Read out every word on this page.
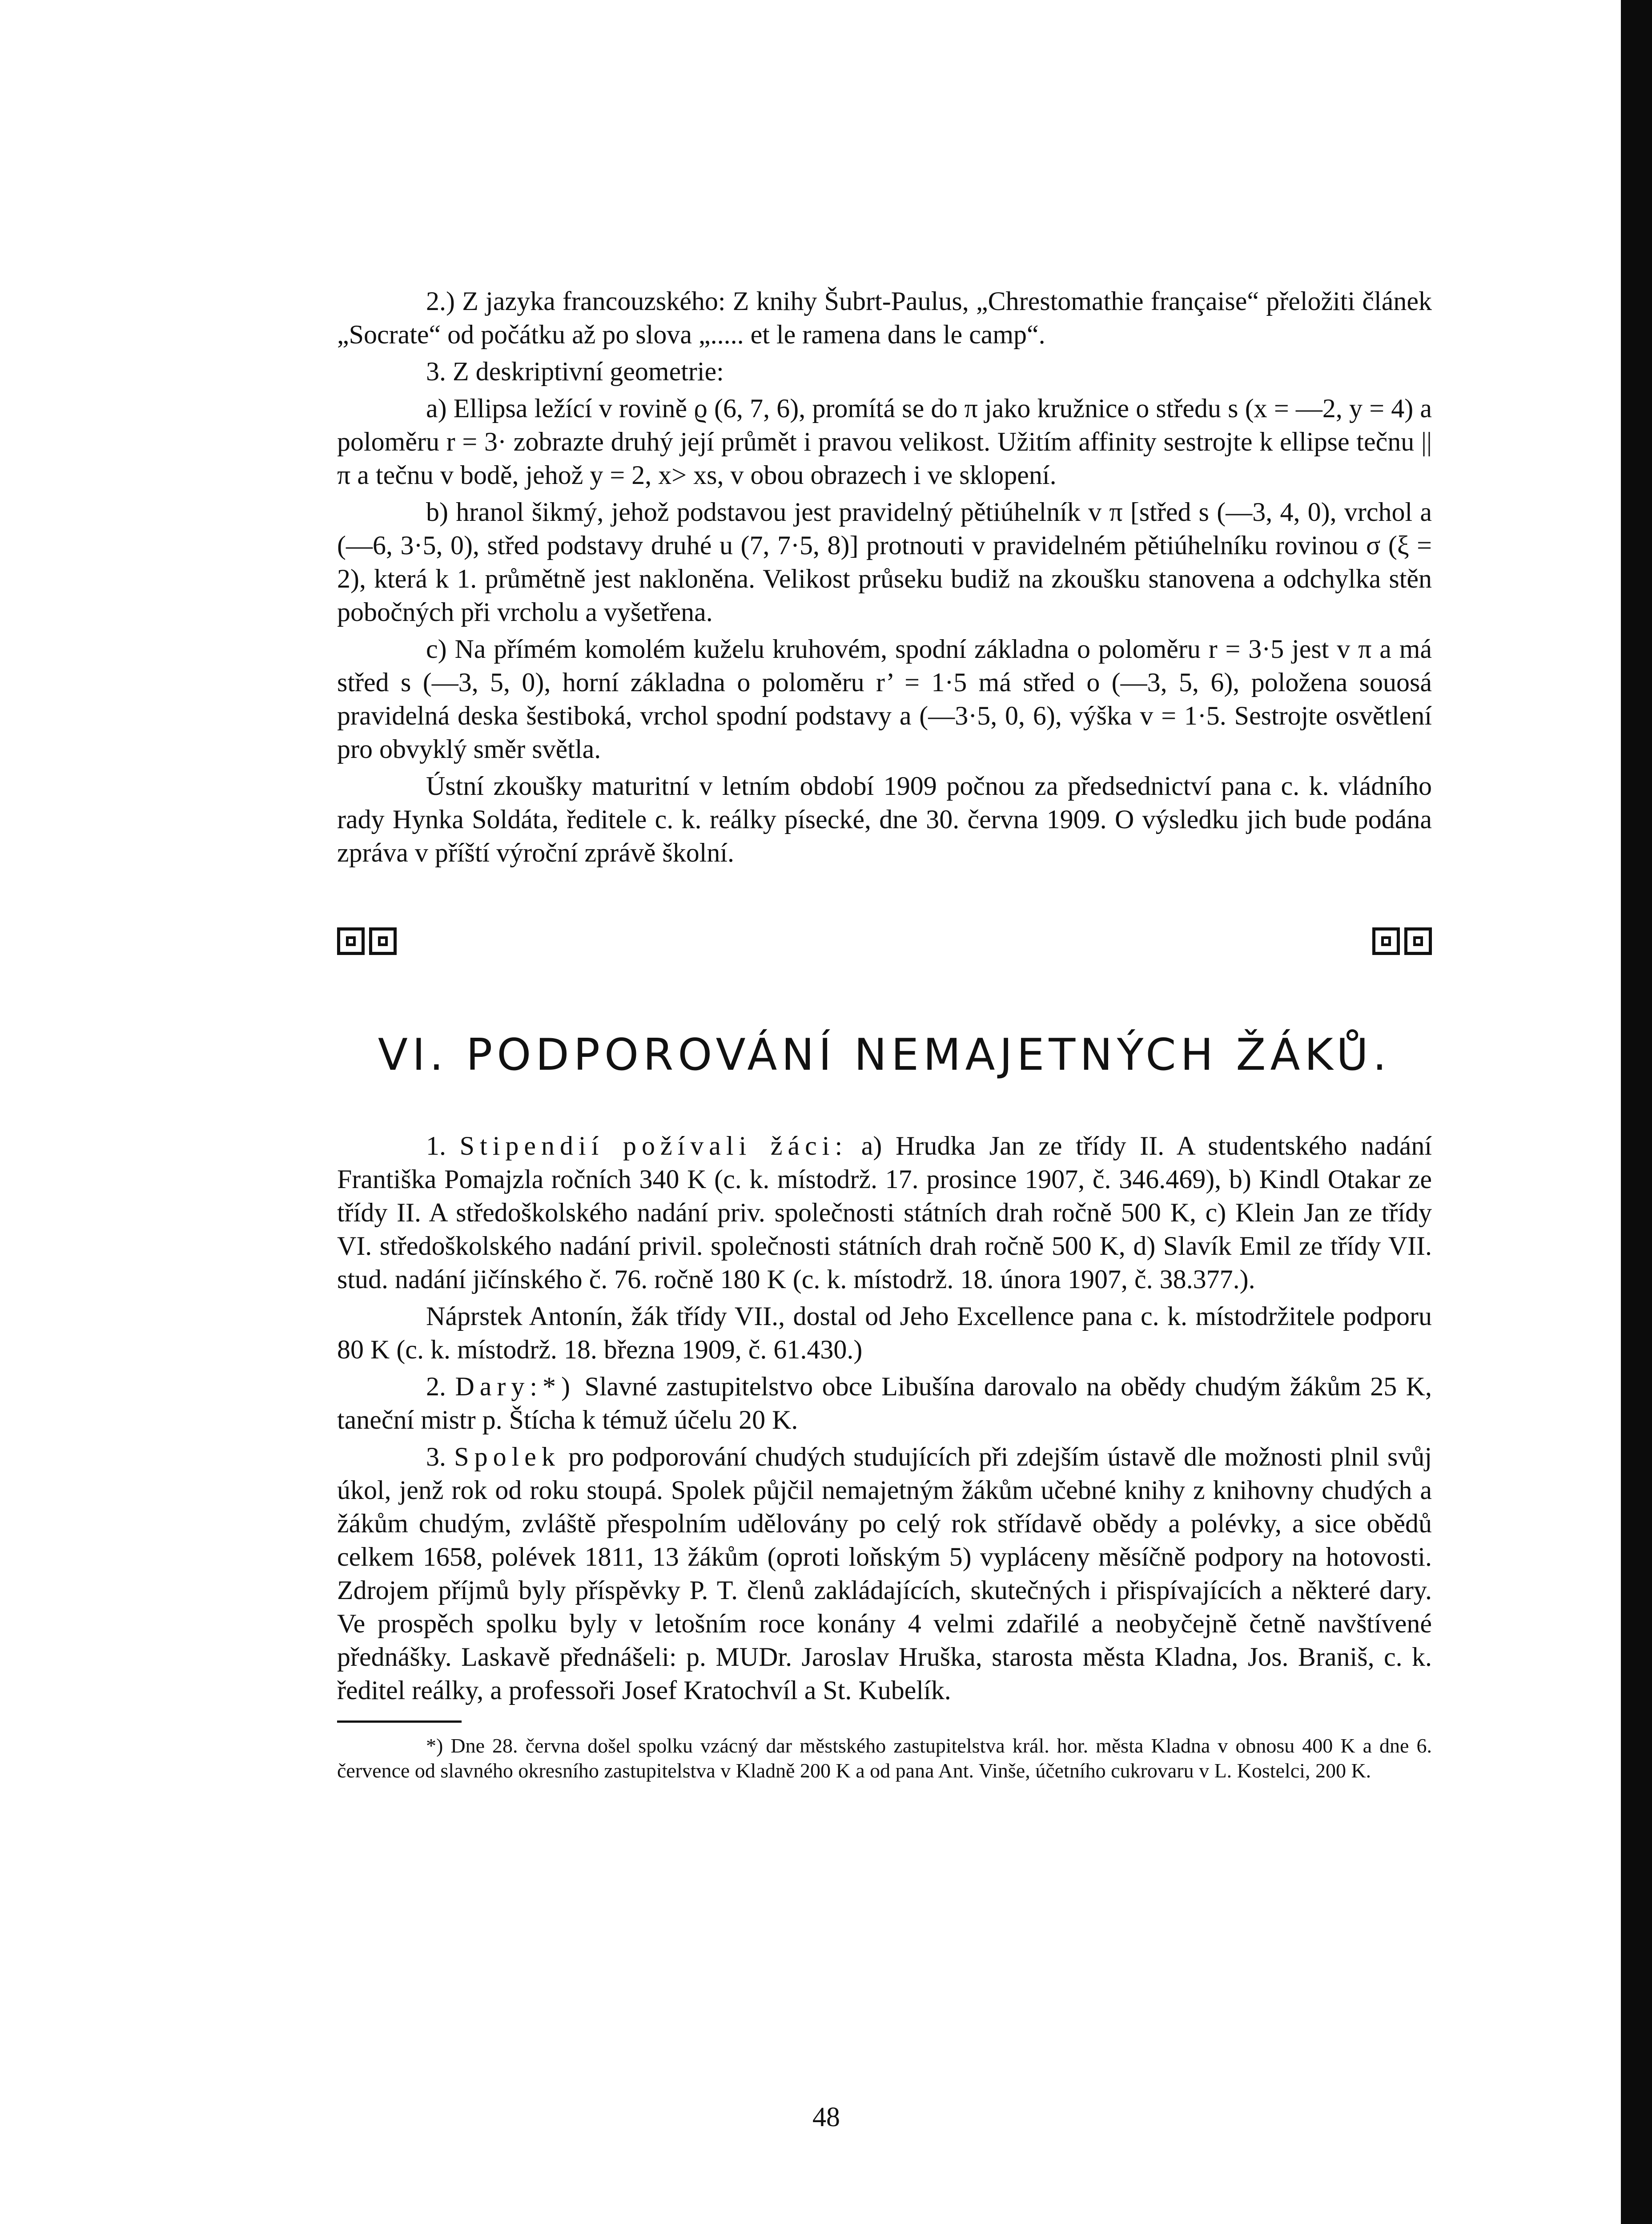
2.) Z jazyka francouzského: Z knihy Šubrt-Paulus, „Chrestomathie française“ přeložiti článek „Socrate“ od počátku až po slova „..... et le ramena dans le camp“.

3. Z deskriptivní geometrie:

a) Ellipsa ležící v rovině ϱ (6, 7, 6), promítá se do π jako kružnice o středu s (x = —2, y = 4) a poloměru r = 3· zobrazte druhý její průmět i pravou velikost. Užitím affinity sestrojte k ellipse tečnu || π a tečnu v bodě, jehož y = 2, x> xs, v obou obrazech i ve sklopení.

b) hranol šikmý, jehož podstavou jest pravidelný pětiúhelník v π [střed s (—3, 4, 0), vrchol a (—6, 3·5, 0), střed podstavy druhé u (7, 7·5, 8)] protnouti v pravidelném pětiúhelníku rovinou σ (ξ = 2), která k 1. průmětně jest nakloněna. Velikost průseku budiž na zkoušku stanovena a odchylka stěn pobočných při vrcholu a vyšetřena.

c) Na přímém komolém kuželu kruhovém, spodní základna o poloměru r = 3·5 jest v π a má střed s (—3, 5, 0), horní základna o poloměru r’ = 1·5 má střed o (—3, 5, 6), položena souosá pravidelná deska šestiboká, vrchol spodní podstavy a (—3·5, 0, 6), výška v = 1·5. Sestrojte osvětlení pro obvyklý směr světla.

Ústní zkoušky maturitní v letním období 1909 počnou za předsednictví pana c. k. vládního rady Hynka Soldáta, ředitele c. k. reálky písecké, dne 30. června 1909. O výsledku jich bude podána zpráva v příští výroční zprávě školní.

VI. PODPOROVÁNÍ NEMAJETNÝCH ŽÁKŮ.

1. Stipendií požívali žáci: a) Hrudka Jan ze třídy II. A studentského nadání Františka Pomajzla ročních 340 K (c. k. místodrž. 17. prosince 1907, č. 346.469), b) Kindl Otakar ze třídy II. A středoškolského nadání priv. společnosti státních drah ročně 500 K, c) Klein Jan ze třídy VI. středoškolského nadání privil. společnosti státních drah ročně 500 K, d) Slavík Emil ze třídy VII. stud. nadání jičínského č. 76. ročně 180 K (c. k. místodrž. 18. února 1907, č. 38.377.).

Náprstek Antonín, žák třídy VII., dostal od Jeho Excellence pana c. k. místodržitele podporu 80 K (c. k. místodrž. 18. března 1909, č. 61.430.)

2. Dary:*) Slavné zastupitelstvo obce Libušína darovalo na obědy chudým žákům 25 K, taneční mistr p. Štícha k témuž účelu 20 K.

3. Spolek pro podporování chudých studujících při zdejším ústavě dle možnosti plnil svůj úkol, jenž rok od roku stoupá. Spolek půjčil nemajetným žákům učebné knihy z knihovny chudých a žákům chudým, zvláště přespolním udělovány po celý rok střídavě obědy a polévky, a sice obědů celkem 1658, polévek 1811, 13 žákům (oproti loňským 5) vypláceny měsíčně podpory na hotovosti. Zdrojem příjmů byly příspěvky P. T. členů zakládajících, skutečných i přispívajících a některé dary. Ve prospěch spolku byly v letošním roce konány 4 velmi zdařilé a neobyčejně četně navštívené přednášky. Laskavě přednášeli: p. MUDr. Jaroslav Hruška, starosta města Kladna, Jos. Braniš, c. k. ředitel reálky, a professoři Josef Kratochvíl a St. Kubelík.

*) Dne 28. června došel spolku vzácný dar městského zastupitelstva král. hor. města Kladna v obnosu 400 K a dne 6. července od slavného okresního zastupitelstva v Kladně 200 K a od pana Ant. Vinše, účetního cukrovaru v L. Kostelci, 200 K.

48
